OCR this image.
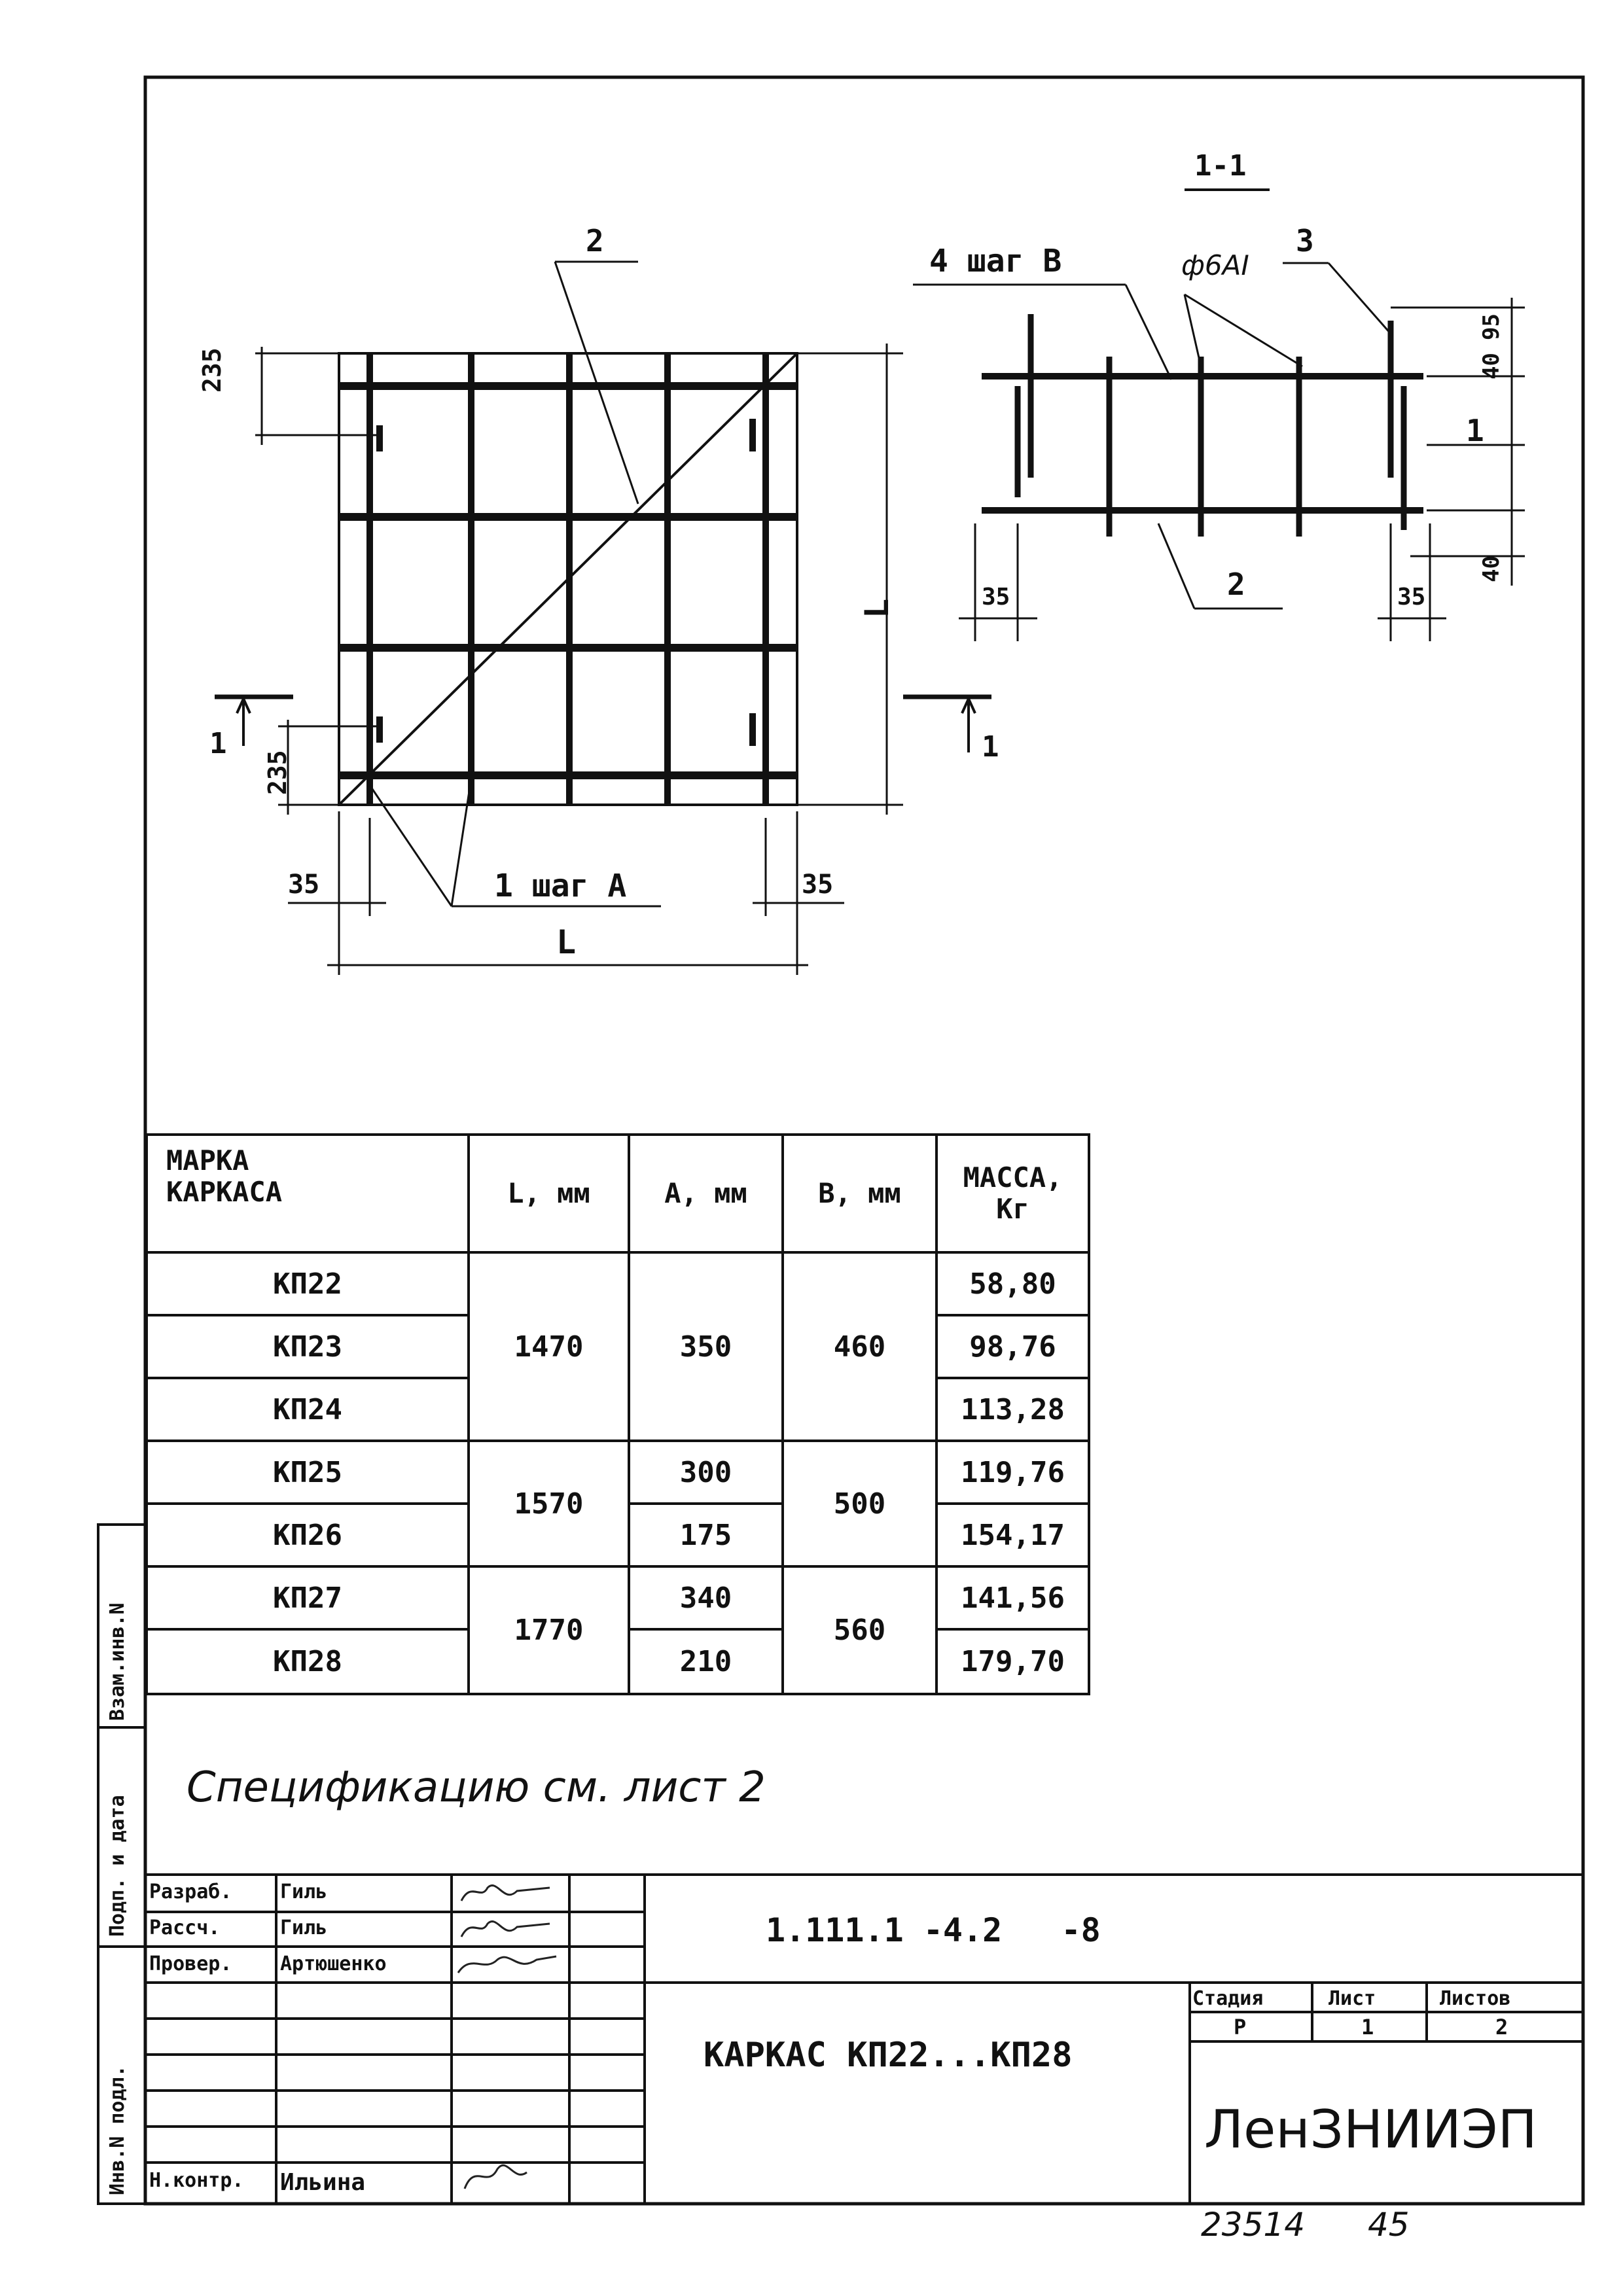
2
1 шаг А
235
235
L
L
35	35
1	1
1-1
4 шаг B	ф6АI
3
1
2
40
95
40
35	35
МАРКА
КАРКАСА	L, мм	А, мм	В, мм	МАССА,
Кг
КП22	1470	350	460	58,80
КП23				98,76
КП24				113,28
КП25	1570	300	500	119,76
КП26		175		154,17
КП27	1770	340	560	141,56
КП28		210		179,70
Спецификацию см. лист 2
Взам.инв.N
Подп. и дата
Инв.N подл.
Разраб. Гиль
Рассч.	Гиль
Провер. Артюшенко
Н.контр. Ильина
1.111.1 -4.2   -8
КАРКАС КП22...КП28
Стадия	Лист	Листов
Р	1	2
ЛенЗНИИЭП
23514 45
